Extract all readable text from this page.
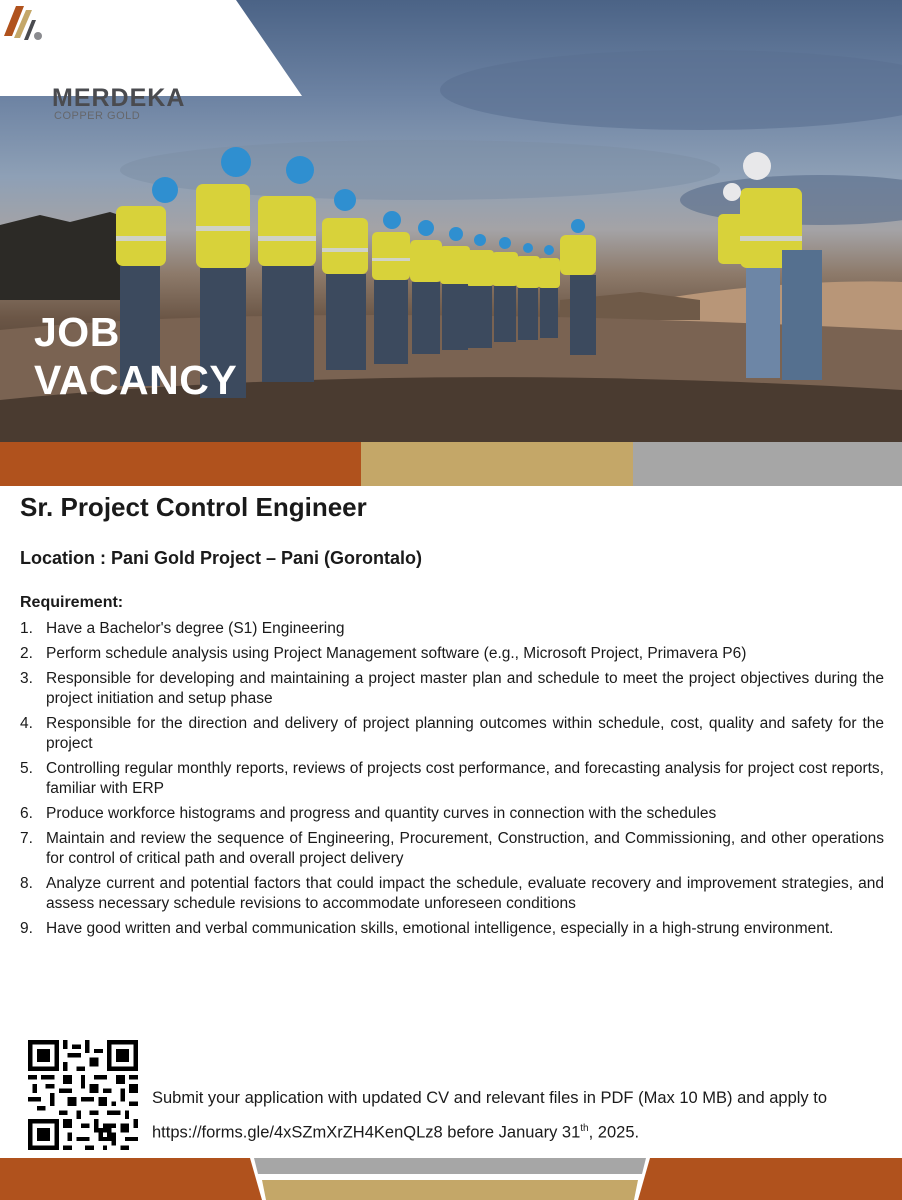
MERDEKA
COPPER GOLD
JOB
VACANCY
Sr. Project Control Engineer
Location : Pani Gold Project – Pani (Gorontalo)
Requirement:
1. Have a Bachelor's degree (S1) Engineering
2. Perform schedule analysis using Project Management software (e.g., Microsoft Project, Primavera P6)
3. Responsible for developing and maintaining a project master plan and schedule to meet the project objectives during the project initiation and setup phase
4. Responsible for the direction and delivery of project planning outcomes within schedule, cost, quality and safety for the project
5. Controlling regular monthly reports, reviews of projects cost performance, and forecasting analysis for project cost reports, familiar with ERP
6. Produce workforce histograms and progress and quantity curves in connection with the schedules
7. Maintain and review the sequence of Engineering, Procurement, Construction, and Commissioning, and other operations for control of critical path and overall project delivery
8. Analyze current and potential factors that could impact the schedule, evaluate recovery and improvement strategies, and assess necessary schedule revisions to accommodate unforeseen conditions
9. Have good written and verbal communication skills, emotional intelligence, especially in a high-strung environment.
Submit your application with updated CV and relevant files in PDF (Max 10 MB) and apply to
https://forms.gle/4xSZmXrZH4KenQLz8 before January 31th, 2025.
